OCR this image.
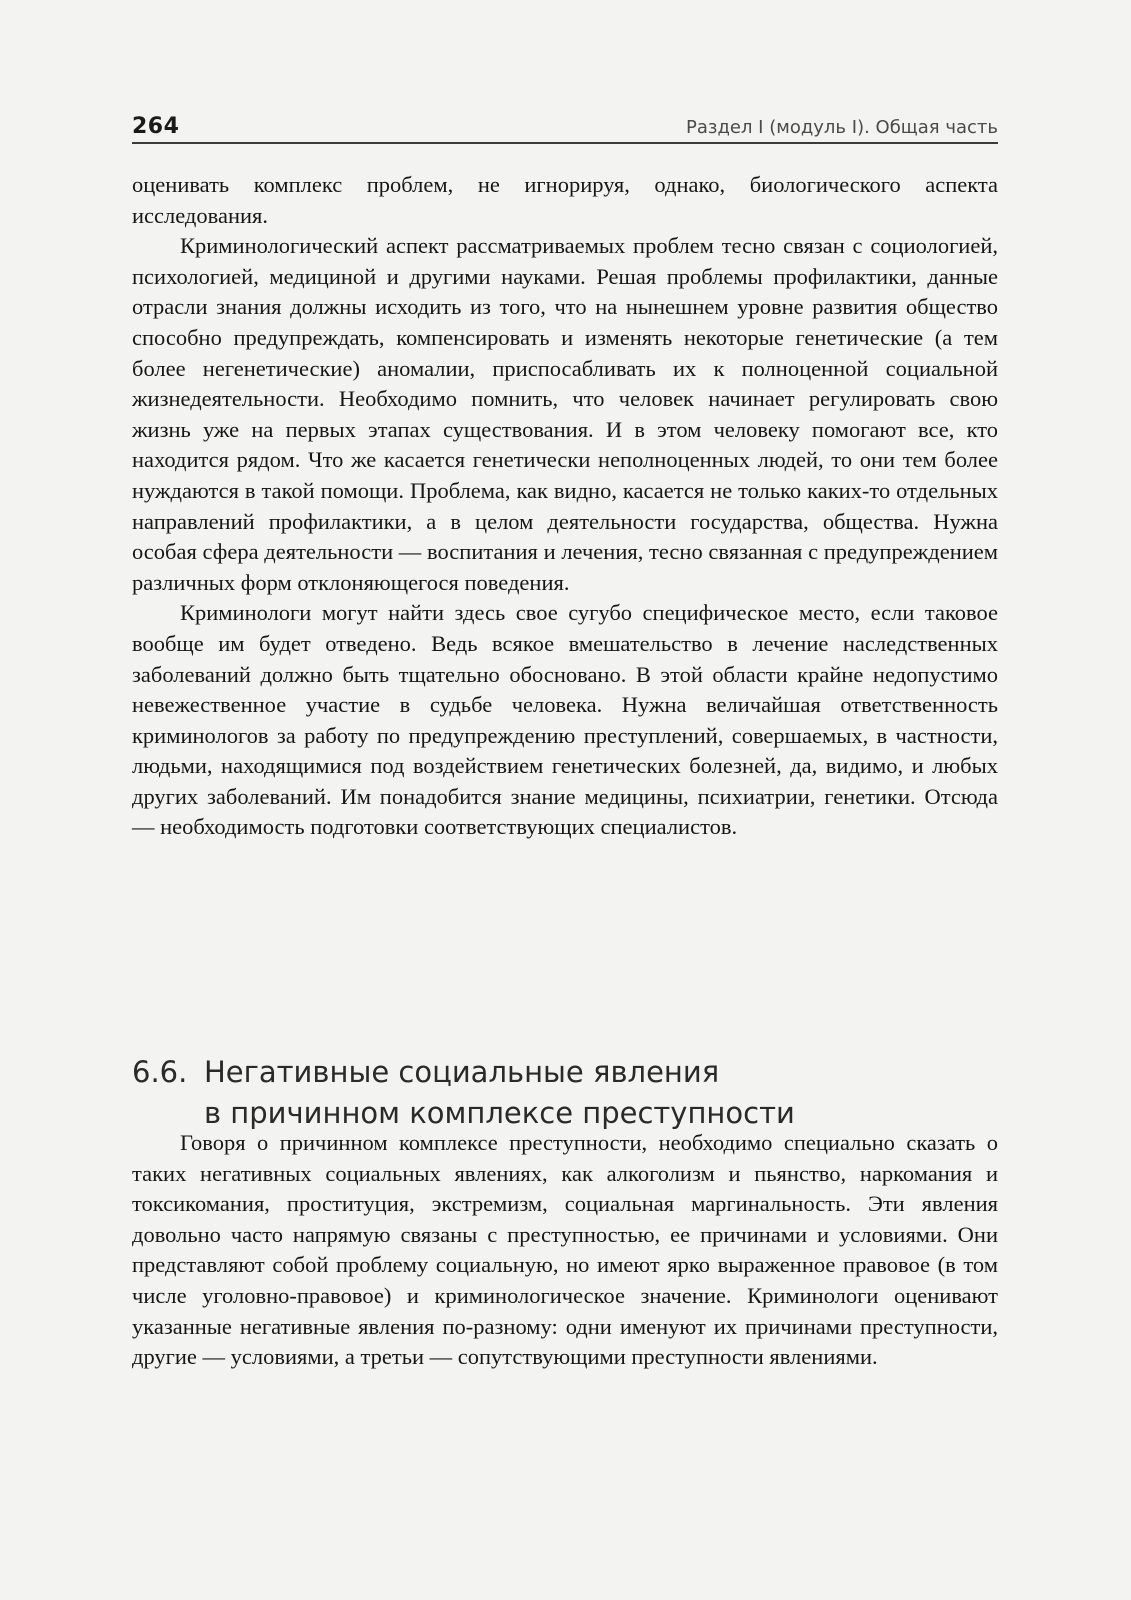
264	Раздел I (модуль I). Общая часть

оценивать комплекс проблем, не игнорируя, однако, биологического аспекта исследования.

Криминологический аспект рассматриваемых проблем тесно связан с социологией, психологией, медициной и другими науками. Решая проблемы профилактики, данные отрасли знания должны исходить из того, что на нынешнем уровне развития общество способно предупреждать, компенсировать и изменять некоторые генетические (а тем более негенетические) аномалии, приспосабливать их к полноценной социальной жизнедеятельности. Необходимо помнить, что человек начинает регулировать свою жизнь уже на первых этапах существования. И в этом человеку помогают все, кто находится рядом. Что же касается генетически неполноценных людей, то они тем более нуждаются в такой помощи. Проблема, как видно, касается не только каких-то отдельных направлений профилактики, а в целом деятельности государства, общества. Нужна особая сфера деятельности — воспитания и лечения, тесно связанная с предупреждением различных форм отклоняющегося поведения.

Криминологи могут найти здесь свое сугубо специфическое место, если таковое вообще им будет отведено. Ведь всякое вмешательство в лечение наследственных заболеваний должно быть тщательно обосновано. В этой области крайне недопустимо невежественное участие в судьбе человека. Нужна величайшая ответственность криминологов за работу по предупреждению преступлений, совершаемых, в частности, людьми, находящимися под воздействием генетических болезней, да, видимо, и любых других заболеваний. Им понадобится знание медицины, психиатрии, генетики. Отсюда — необходимость подготовки соответствующих специалистов.

6.6. Негативные социальные явления
в причинном комплексе преступности

Говоря о причинном комплексе преступности, необходимо специально сказать о таких негативных социальных явлениях, как алкоголизм и пьянство, наркомания и токсикомания, проституция, экстремизм, социальная маргинальность. Эти явления довольно часто напрямую связаны с преступностью, ее причинами и условиями. Они представляют собой проблему социальную, но имеют ярко выраженное правовое (в том числе уголовно-правовое) и криминологическое значение. Криминологи оценивают указанные негативные явления по-разному: одни именуют их причинами преступности, другие — условиями, а третьи — сопутствующими преступности явлениями.
